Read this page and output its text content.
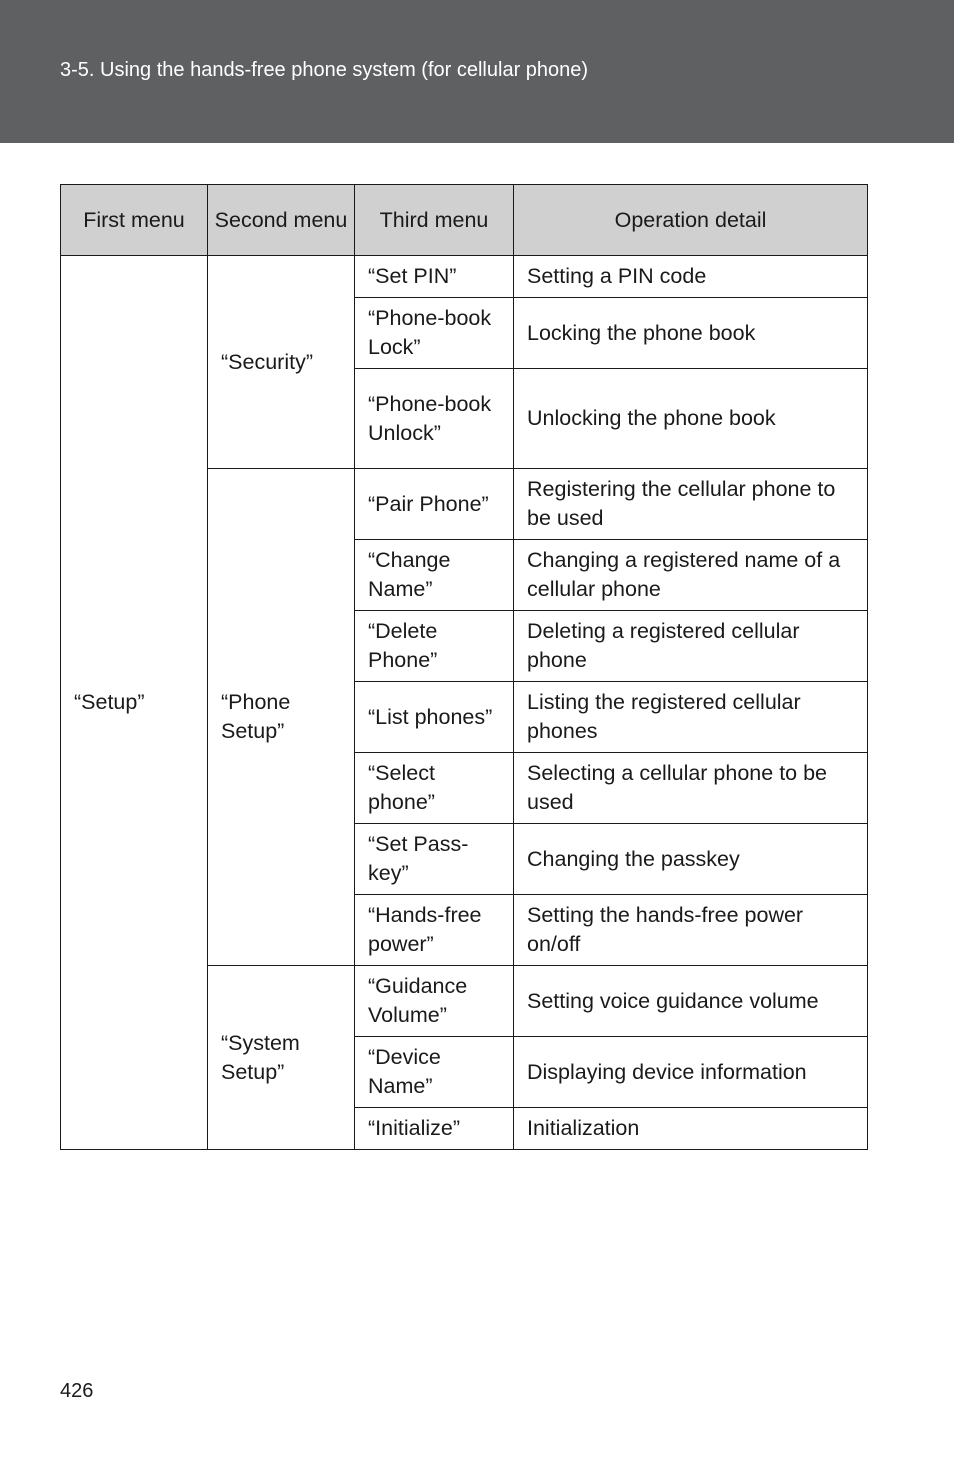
3-5. Using the hands-free phone system (for cellular phone)
First menu	Second menu	Third menu	Operation detail
“Setup”	“Security”	“Set PIN”	Setting a PIN code
		“Phone-book Lock”	Locking the phone book
		“Phone-book Unlock”	Unlocking the phone book
	“Phone Setup”	“Pair Phone”	Registering the cellular phone to be used
		“Change Name”	Changing a registered name of a cellular phone
		“Delete Phone”	Deleting a registered cellular phone
		“List phones”	Listing the registered cellular phones
		“Select phone”	Selecting a cellular phone to be used
		“Set Pass-key”	Changing the passkey
		“Hands-free power”	Setting the hands-free power on/off
	“System Setup”	“Guidance Volume”	Setting voice guidance volume
		“Device Name”	Displaying device information
		“Initialize”	Initialization
426
